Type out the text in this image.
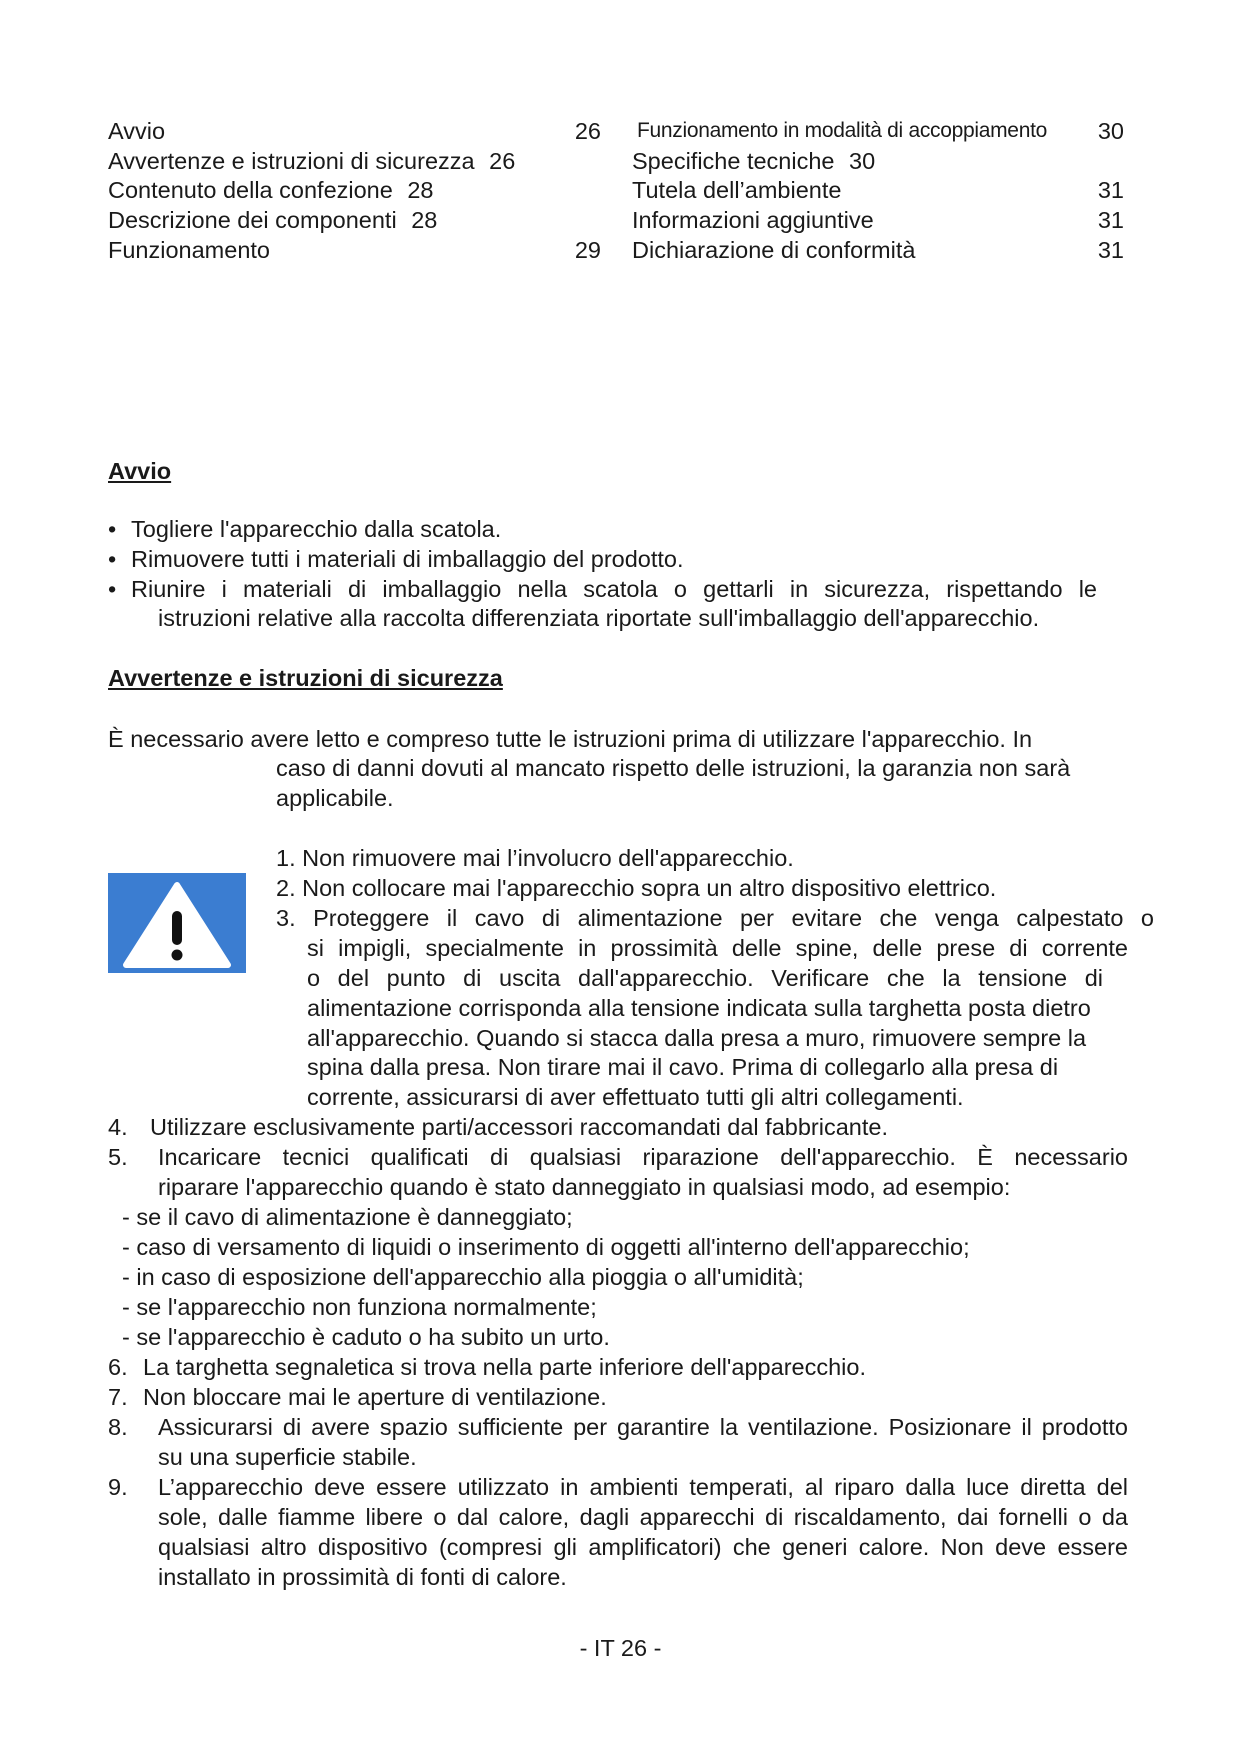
Avvio	26
Avvertenze e istruzioni di sicurezza 26
Contenuto della confezione 28
Descrizione dei componenti 28
Funzionamento	29
Funzionamento in modalità di accoppiamento	30
Specifiche tecniche 30
Tutela dell’ambiente	31
Informazioni aggiuntive	31
Dichiarazione di conformità	31
Avvio
• Togliere l'apparecchio dalla scatola.
• Rimuovere tutti i materiali di imballaggio del prodotto.
• Riunire i materiali di imballaggio nella scatola o gettarli in sicurezza, rispettando le
istruzioni relative alla raccolta differenziata riportate sull'imballaggio dell'apparecchio.
Avvertenze e istruzioni di sicurezza
È necessario avere letto e compreso tutte le istruzioni prima di utilizzare l'apparecchio. In
caso di danni dovuti al mancato rispetto delle istruzioni, la garanzia non sarà
applicabile.
1. Non rimuovere mai l’involucro dell'apparecchio.
2. Non collocare mai l'apparecchio sopra un altro dispositivo elettrico.
3. Proteggere il cavo di alimentazione per evitare che venga calpestato o
si impigli, specialmente in prossimità delle spine, delle prese di corrente
o del punto di uscita dall'apparecchio. Verificare che la tensione di
alimentazione corrisponda alla tensione indicata sulla targhetta posta dietro
all'apparecchio. Quando si stacca dalla presa a muro, rimuovere sempre la
spina dalla presa. Non tirare mai il cavo. Prima di collegarlo alla presa di
corrente, assicurarsi di aver effettuato tutti gli altri collegamenti.
4. Utilizzare esclusivamente parti/accessori raccomandati dal fabbricante.
5. Incaricare tecnici qualificati di qualsiasi riparazione dell'apparecchio. È necessario
riparare l'apparecchio quando è stato danneggiato in qualsiasi modo, ad esempio:
- se il cavo di alimentazione è danneggiato;
- caso di versamento di liquidi o inserimento di oggetti all'interno dell'apparecchio;
- in caso di esposizione dell'apparecchio alla pioggia o all'umidità;
- se l'apparecchio non funziona normalmente;
- se l'apparecchio è caduto o ha subito un urto.
6. La targhetta segnaletica si trova nella parte inferiore dell'apparecchio.
7. Non bloccare mai le aperture di ventilazione.
8. Assicurarsi di avere spazio sufficiente per garantire la ventilazione. Posizionare il prodotto
su una superficie stabile.
9. L’apparecchio deve essere utilizzato in ambienti temperati, al riparo dalla luce diretta del
sole, dalle fiamme libere o dal calore, dagli apparecchi di riscaldamento, dai fornelli o da
qualsiasi altro dispositivo (compresi gli amplificatori) che generi calore. Non deve essere
installato in prossimità di fonti di calore.
- IT 26 -
